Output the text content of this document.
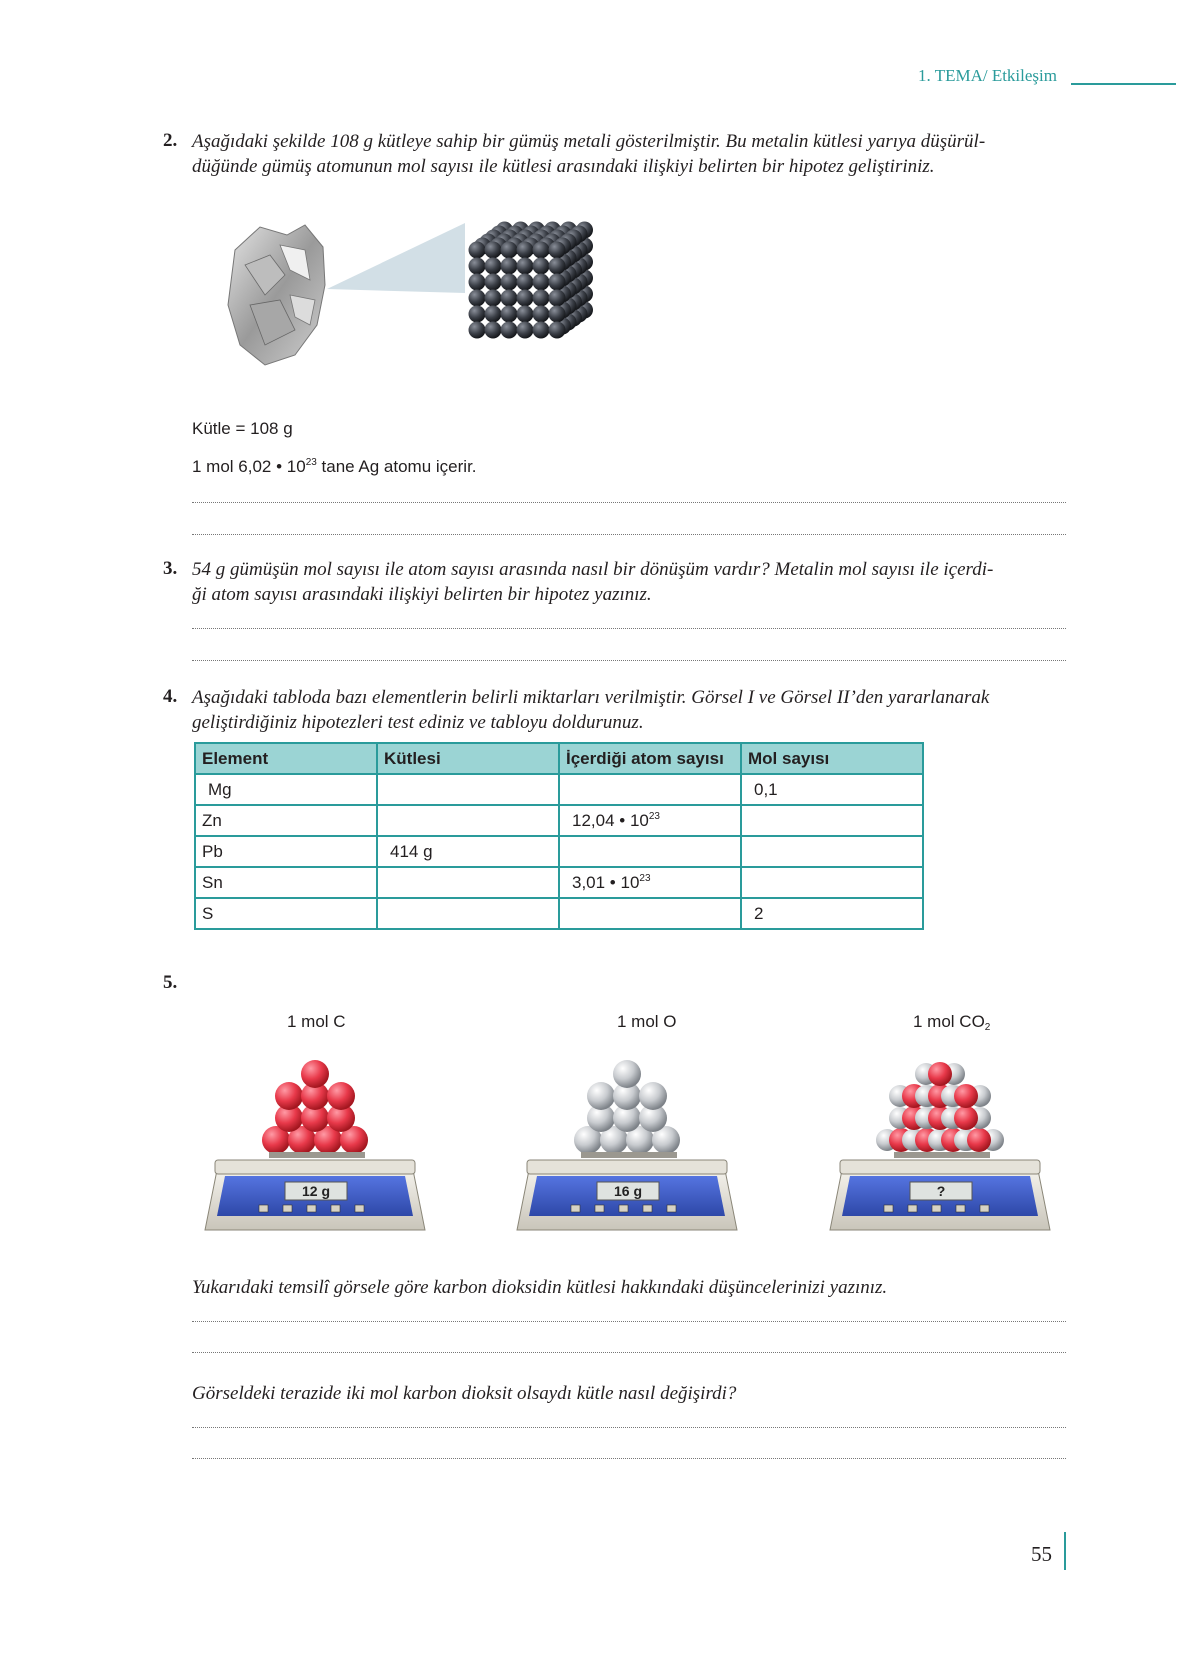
1. TEMA/ Etkileşim
2. Aşağıdaki şekilde 108 g kütleye sahip bir gümüş metali gösterilmiştir. Bu metalin kütlesi yarıya düşürül-
düğünde gümüş atomunun mol sayısı ile kütlesi arasındaki ilişkiyi belirten bir hipotez geliştiriniz.
Kütle = 108 g
1 mol 6,02 • $10^{23}$ tane Ag atomu içerir.
3. 54 g gümüşün mol sayısı ile atom sayısı arasında nasıl bir dönüşüm vardır? Metalin mol sayısı ile içerdi-
ği atom sayısı arasındaki ilişkiyi belirten bir hipotez yazınız.
4. Aşağıdaki tabloda bazı elementlerin belirli miktarları verilmiştir. Görsel I ve Görsel II’den yararlanarak
geliştirdiğiniz hipotezleri test ediniz ve tabloyu doldurunuz.
Element	Kütlesi	İçerdiği atom sayısı	Mol sayısı
Mg			0,1
Zn		12,04 • $10^{23}$	
Pb	414 g		
Sn		3,01 • $10^{23}$	
S			2
5.
1 mol C	1 mol O	1 mol $CO_2$
12 g	16 g	?
Yukarıdaki temsilî görsele göre karbon dioksidin kütlesi hakkındaki düşüncelerinizi yazınız.
Görseldeki terazide iki mol karbon dioksit olsaydı kütle nasıl değişirdi?
55
